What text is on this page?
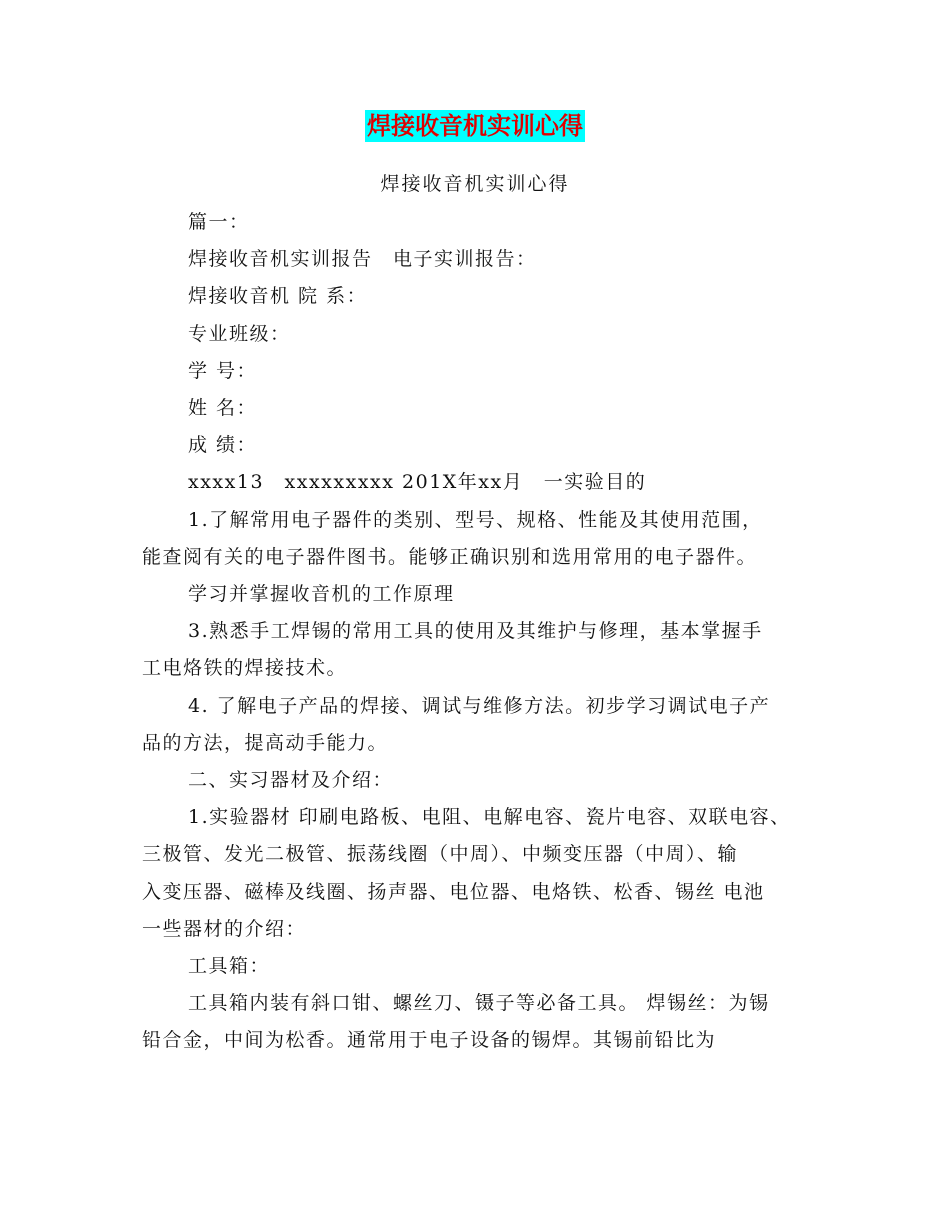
焊接收音机实训心得
焊接收音机实训心得

篇一：

焊接收音机实训报告　电子实训报告：

焊接收音机 院 系：

专业班级：

学 号：

姓 名：

成 绩：

xxxx13　xxxxxxxxx 201X年xx月　一实验目的

1.了解常用电子器件的类别、型号、规格、性能及其使用范围，

能查阅有关的电子器件图书。能够正确识别和选用常用的电子器件。

学习并掌握收音机的工作原理

3.熟悉手工焊锡的常用工具的使用及其维护与修理，基本掌握手

工电烙铁的焊接技术。

4. 了解电子产品的焊接、调试与维修方法。初步学习调试电子产

品的方法，提高动手能力。

二、实习器材及介绍：

1.实验器材 印刷电路板、电阻、电解电容、瓷片电容、双联电容、

三极管、发光二极管、振荡线圈（中周）、中频变压器（中周）、输

入变压器、磁棒及线圈、扬声器、电位器、电烙铁、松香、锡丝 电池

一些器材的介绍：

工具箱：

工具箱内装有斜口钳、螺丝刀、镊子等必备工具。 焊锡丝：为锡

铅合金，中间为松香。通常用于电子设备的锡焊。其锡前铅比为
